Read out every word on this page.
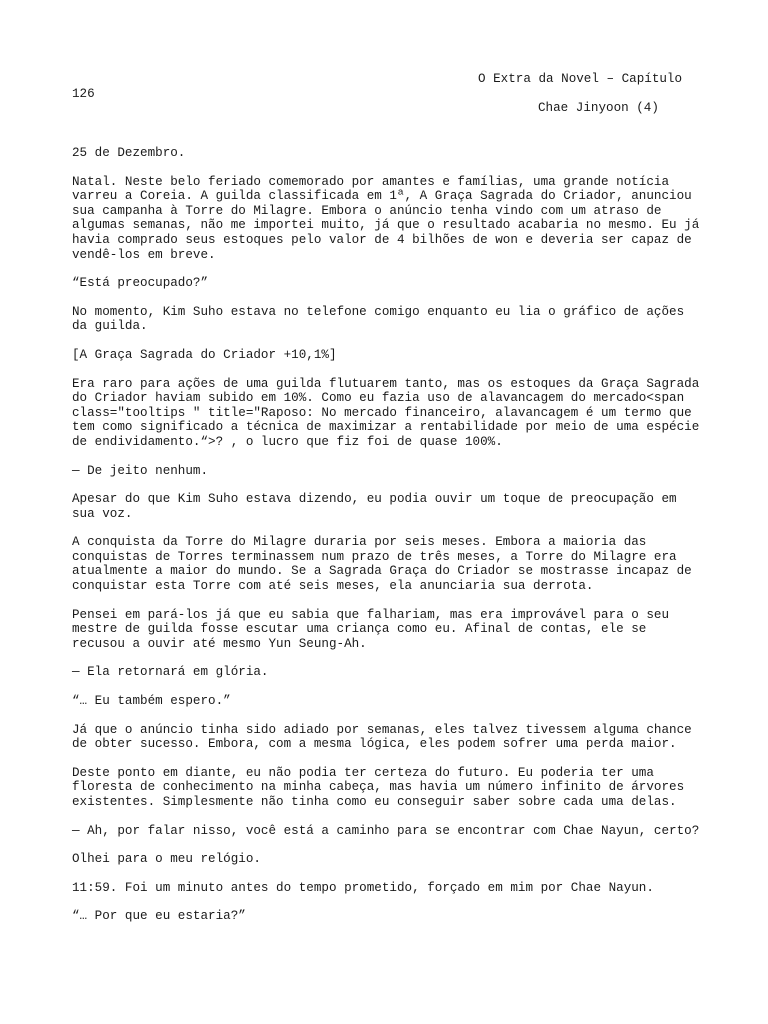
O Extra da Novel – Capítulo
126
Chae Jinyoon (4)

25 de Dezembro.

Natal. Neste belo feriado comemorado por amantes e famílias, uma grande notícia
varreu a Coreia. A guilda classificada em 1ª, A Graça Sagrada do Criador, anunciou
sua campanha à Torre do Milagre. Embora o anúncio tenha vindo com um atraso de
algumas semanas, não me importei muito, já que o resultado acabaria no mesmo. Eu já
havia comprado seus estoques pelo valor de 4 bilhões de won e deveria ser capaz de
vendê-los em breve.

“Está preocupado?”

No momento, Kim Suho estava no telefone comigo enquanto eu lia o gráfico de ações
da guilda.

[A Graça Sagrada do Criador +10,1%]

Era raro para ações de uma guilda flutuarem tanto, mas os estoques da Graça Sagrada
do Criador haviam subido em 10%. Como eu fazia uso de alavancagem do mercado<span
class="tooltips " title="Raposo: No mercado financeiro, alavancagem é um termo que
tem como significado a técnica de maximizar a rentabilidade por meio de uma espécie
de endividamento.“>? , o lucro que fiz foi de quase 100%.

— De jeito nenhum.

Apesar do que Kim Suho estava dizendo, eu podia ouvir um toque de preocupação em
sua voz.

A conquista da Torre do Milagre duraria por seis meses. Embora a maioria das
conquistas de Torres terminassem num prazo de três meses, a Torre do Milagre era
atualmente a maior do mundo. Se a Sagrada Graça do Criador se mostrasse incapaz de
conquistar esta Torre com até seis meses, ela anunciaria sua derrota.

Pensei em pará-los já que eu sabia que falhariam, mas era improvável para o seu
mestre de guilda fosse escutar uma criança como eu. Afinal de contas, ele se
recusou a ouvir até mesmo Yun Seung-Ah.

— Ela retornará em glória.

“… Eu também espero.”

Já que o anúncio tinha sido adiado por semanas, eles talvez tivessem alguma chance
de obter sucesso. Embora, com a mesma lógica, eles podem sofrer uma perda maior.

Deste ponto em diante, eu não podia ter certeza do futuro. Eu poderia ter uma
floresta de conhecimento na minha cabeça, mas havia um número infinito de árvores
existentes. Simplesmente não tinha como eu conseguir saber sobre cada uma delas.

— Ah, por falar nisso, você está a caminho para se encontrar com Chae Nayun, certo?

Olhei para o meu relógio.

11:59. Foi um minuto antes do tempo prometido, forçado em mim por Chae Nayun.

“… Por que eu estaria?”
